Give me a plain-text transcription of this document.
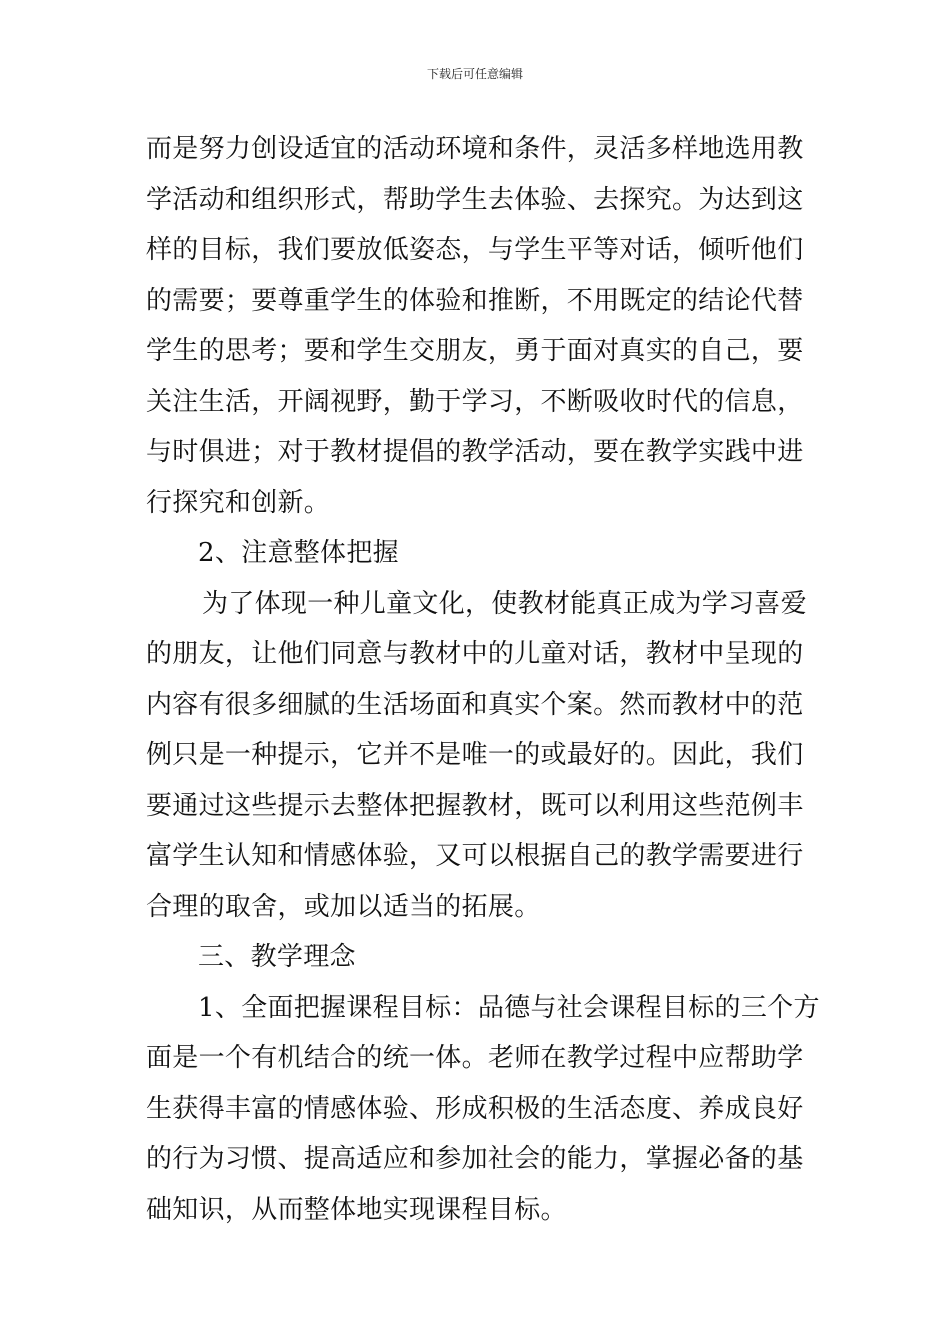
下载后可任意编辑
而是努力创设适宜的活动环境和条件，灵活多样地选用教
学活动和组织形式，帮助学生去体验、去探究。为达到这
样的目标，我们要放低姿态，与学生平等对话，倾听他们
的需要；要尊重学生的体验和推断，不用既定的结论代替
学生的思考；要和学生交朋友，勇于面对真实的自己，要
关注生活，开阔视野，勤于学习，不断吸收时代的信息，
与时俱进；对于教材提倡的教学活动，要在教学实践中进
行探究和创新。
2、注意整体把握
为了体现一种儿童文化，使教材能真正成为学习喜爱
的朋友，让他们同意与教材中的儿童对话，教材中呈现的
内容有很多细腻的生活场面和真实个案。然而教材中的范
例只是一种提示，它并不是唯一的或最好的。因此，我们
要通过这些提示去整体把握教材，既可以利用这些范例丰
富学生认知和情感体验，又可以根据自己的教学需要进行
合理的取舍，或加以适当的拓展。
三、教学理念
1、全面把握课程目标：品德与社会课程目标的三个方
面是一个有机结合的统一体。老师在教学过程中应帮助学
生获得丰富的情感体验、形成积极的生活态度、养成良好
的行为习惯、提高适应和参加社会的能力，掌握必备的基
础知识，从而整体地实现课程目标。
